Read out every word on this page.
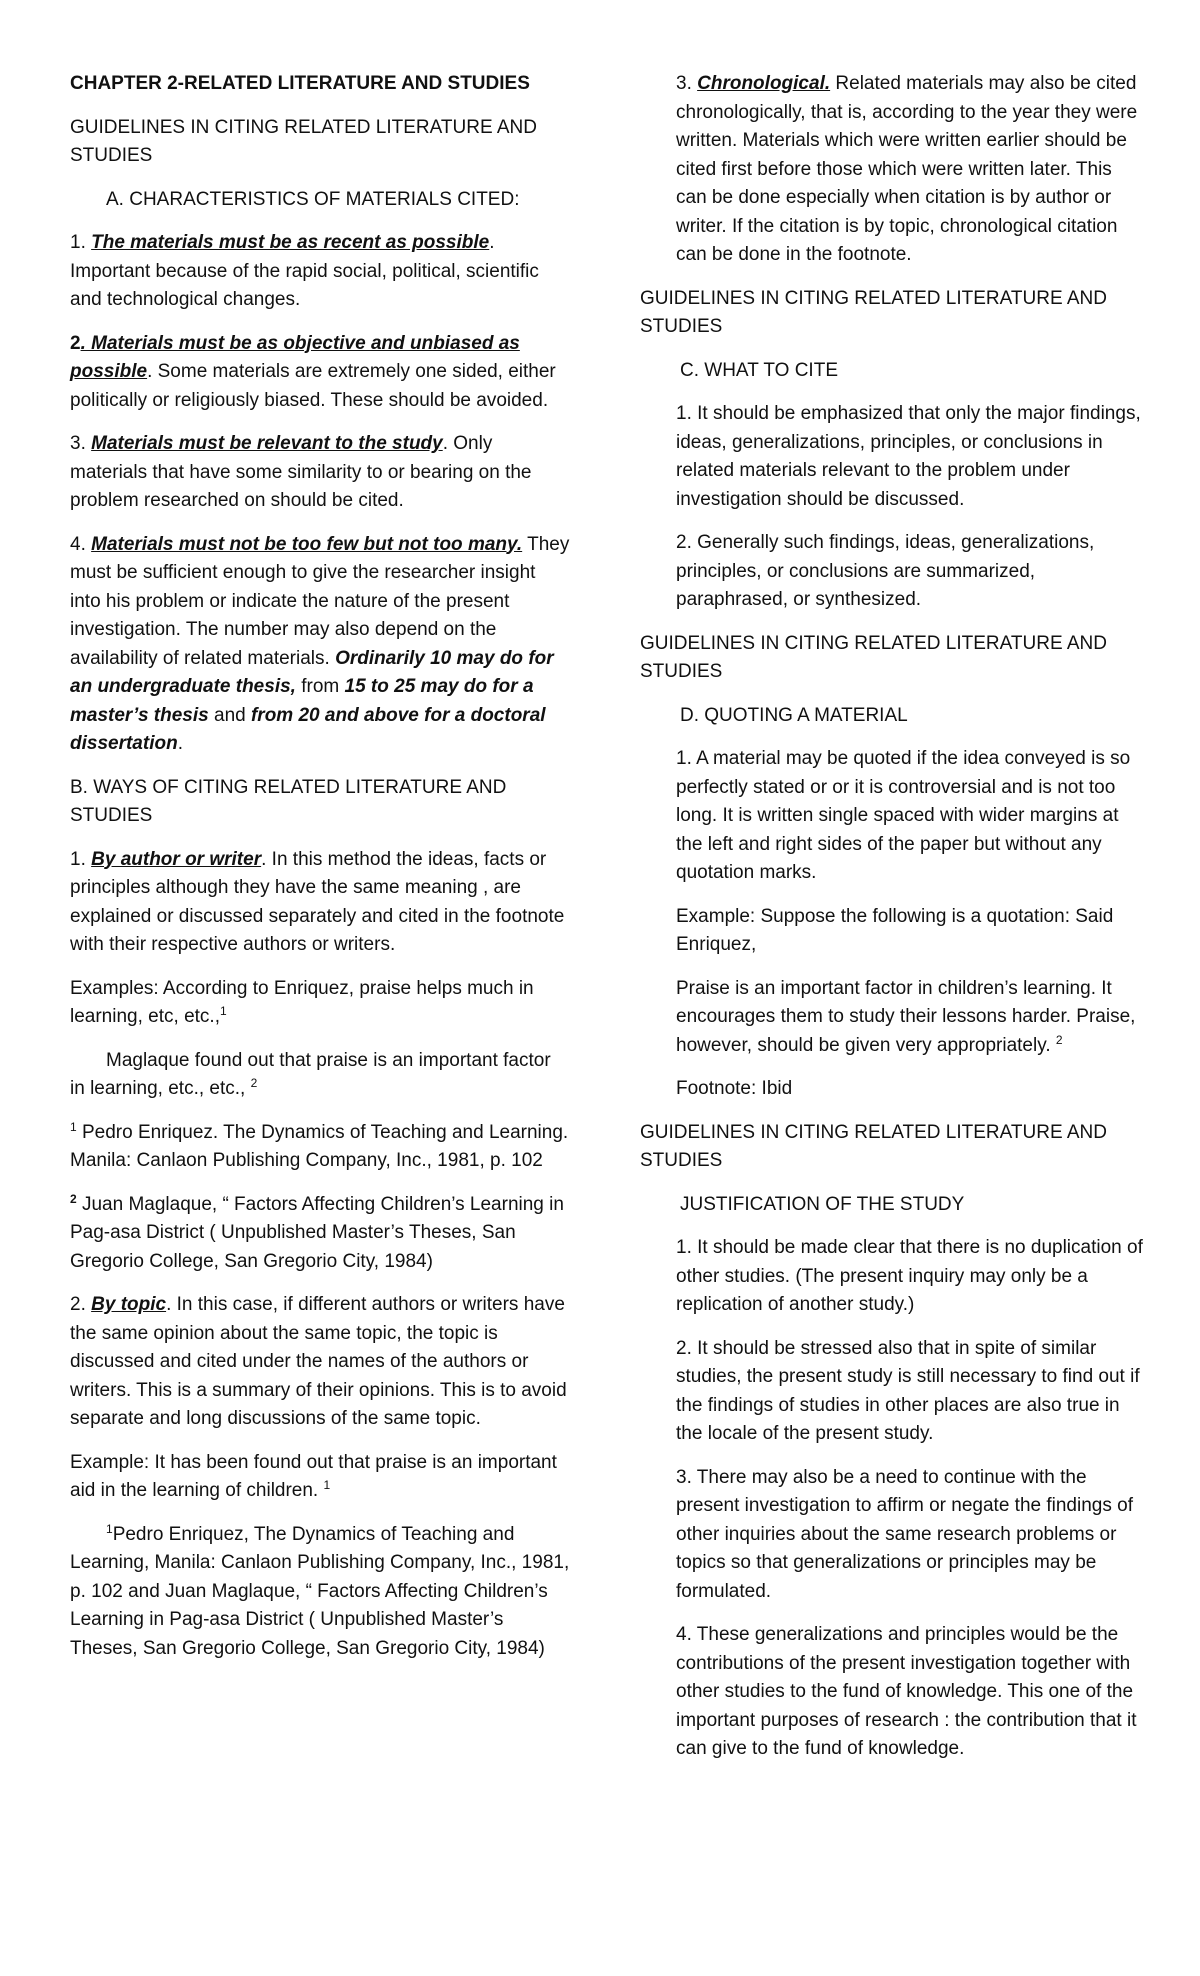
CHAPTER 2-RELATED LITERATURE AND STUDIES

GUIDELINES IN CITING RELATED LITERATURE AND STUDIES

A. CHARACTERISTICS OF MATERIALS CITED:

1. The materials must be as recent as possible. Important because of the rapid social, political, scientific and technological changes.

2. Materials must be as objective and unbiased as possible. Some materials are extremely one sided, either politically or religiously biased. These should be avoided.

3. Materials must be relevant to the study. Only materials that have some similarity to or bearing on the problem researched on should be cited.

4. Materials must not be too few but not too many. They must be sufficient enough to give the researcher insight into his problem or indicate the nature of the present investigation. The number may also depend on the availability of related materials. Ordinarily 10 may do for an undergraduate thesis, from 15 to 25 may do for a master’s thesis and from 20 and above for a doctoral dissertation.

B. WAYS OF CITING RELATED LITERATURE AND STUDIES

1. By author or writer. In this method the ideas, facts or principles although they have the same meaning , are explained or discussed separately and cited in the footnote with their respective authors or writers.

Examples: According to Enriquez, praise helps much in learning, etc, etc.,$^1$

Maglaque found out that praise is an important factor in learning, etc., etc., $^2$

$^1$ Pedro Enriquez. The Dynamics of Teaching and Learning. Manila: Canlaon Publishing Company, Inc., 1981, p. 102

$^2$ Juan Maglaque, “ Factors Affecting Children’s Learning in Pag-asa District ( Unpublished Master’s Theses, San Gregorio College, San Gregorio City, 1984)

2. By topic. In this case, if different authors or writers have the same opinion about the same topic, the topic is discussed and cited under the names of the authors or writers. This is a summary of their opinions. This is to avoid separate and long discussions of the same topic.

Example: It has been found out that praise is an important aid in the learning of children. $^1$

$^1$Pedro Enriquez, The Dynamics of Teaching and Learning, Manila: Canlaon Publishing Company, Inc., 1981, p. 102 and Juan Maglaque, “ Factors Affecting Children’s Learning in Pag-asa District ( Unpublished Master’s Theses, San Gregorio College, San Gregorio City, 1984)

3. Chronological. Related materials may also be cited chronologically, that is, according to the year they were written. Materials which were written earlier should be cited first before those which were written later. This can be done especially when citation is by author or writer. If the citation is by topic, chronological citation can be done in the footnote.

GUIDELINES IN CITING RELATED LITERATURE AND STUDIES

C. WHAT TO CITE

1. It should be emphasized that only the major findings, ideas, generalizations, principles, or conclusions in related materials relevant to the problem under investigation should be discussed.

2. Generally such findings, ideas, generalizations, principles, or conclusions are summarized, paraphrased, or synthesized.

GUIDELINES IN CITING RELATED LITERATURE AND STUDIES

D. QUOTING A MATERIAL

1. A material may be quoted if the idea conveyed is so perfectly stated or or it is controversial and is not too long. It is written single spaced with wider margins at the left and right sides of the paper but without any quotation marks.

Example: Suppose the following is a quotation: Said Enriquez,

Praise is an important factor in children’s learning. It encourages them to study their lessons harder. Praise, however, should be given very appropriately. $^2$

Footnote: Ibid

GUIDELINES IN CITING RELATED LITERATURE AND STUDIES

JUSTIFICATION OF THE STUDY

1. It should be made clear that there is no duplication of other studies. (The present inquiry may only be a replication of another study.)

2. It should be stressed also that in spite of similar studies, the present study is still necessary to find out if the findings of studies in other places are also true in the locale of the present study.

3. There may also be a need to continue with the present investigation to affirm or negate the findings of other inquiries about the same research problems or topics so that generalizations or principles may be formulated.

4. These generalizations and principles would be the contributions of the present investigation together with other studies to the fund of knowledge. This one of the important purposes of research : the contribution that it can give to the fund of knowledge.
